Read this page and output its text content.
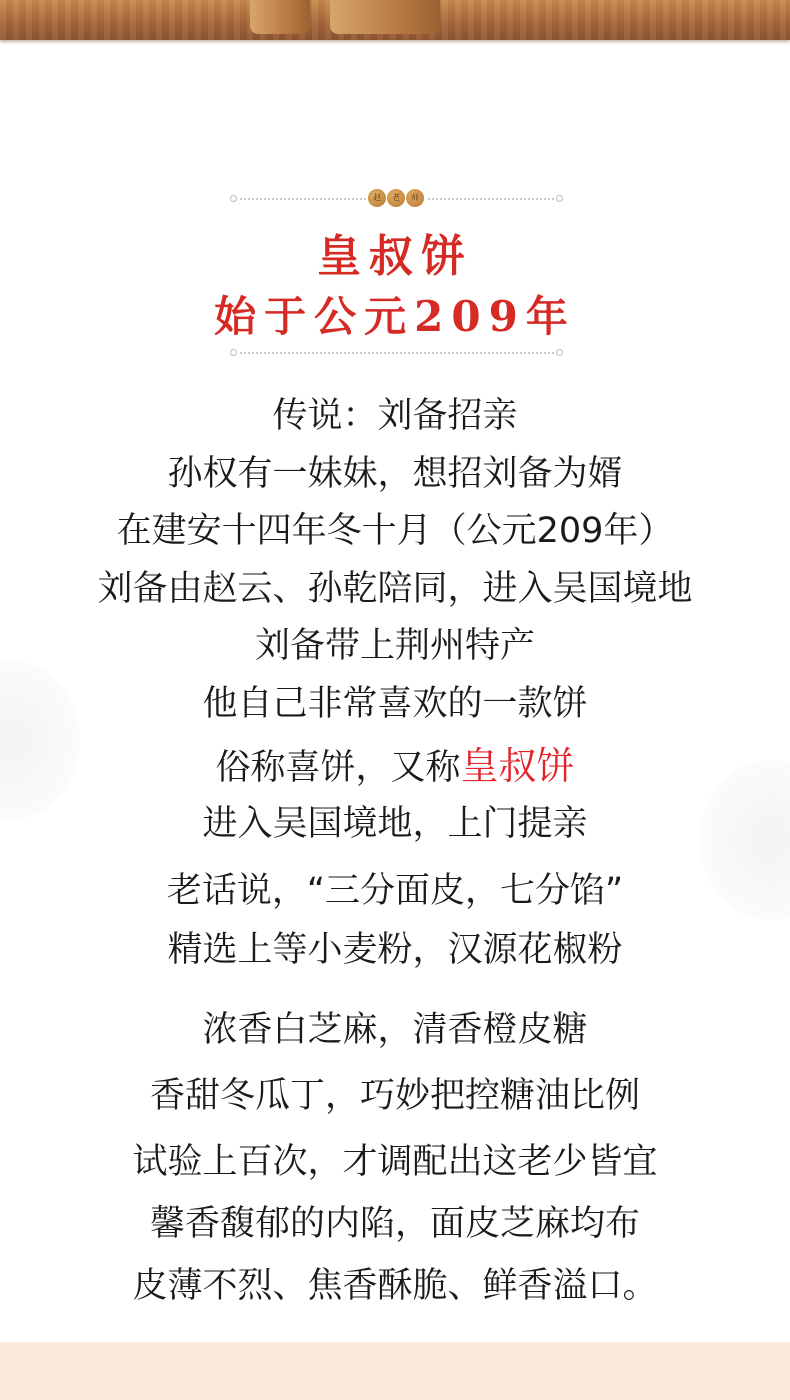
赵	老	师
皇叔饼
始于公元209年
传说：刘备招亲
孙权有一妹妹，想招刘备为婿
在建安十四年冬十月（公元209年）
刘备由赵云、孙乾陪同，进入吴国境地
刘备带上荆州特产
他自己非常喜欢的一款饼
俗称喜饼，又称皇叔饼
进入吴国境地，上门提亲
老话说，“三分面皮，七分馅”
精选上等小麦粉，汉源花椒粉
浓香白芝麻，清香橙皮糖
香甜冬瓜丁，巧妙把控糖油比例
试验上百次，才调配出这老少皆宜
馨香馥郁的内陷，面皮芝麻均布
皮薄不烈、焦香酥脆、鲜香溢口。
